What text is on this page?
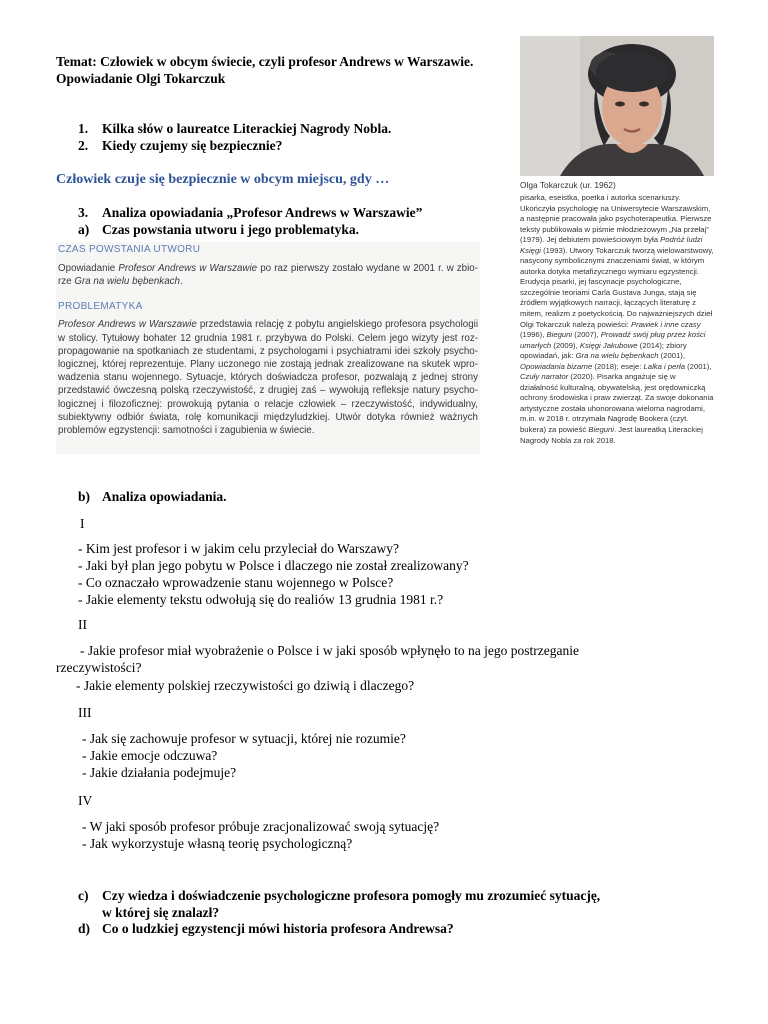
Temat: Człowiek w obcym świecie, czyli profesor Andrews w Warszawie.
Opowiadanie Olgi Tokarczuk
1. Kilka słów o laureatce Literackiej Nagrody Nobla.
2. Kiedy czujemy się bezpiecznie?
Człowiek czuje się bezpiecznie w obcym miejscu, gdy …
3. Analiza opowiadania „Profesor Andrews w Warszawie”
a) Czas powstania utworu i jego problematyka.
Olga Tokarczuk (ur. 1962)
pisarka, eseistka, poetka i autorka scenariuszy. Ukończyła psychologię na Uniwersytecie Warszawskim, a następnie pracowała jako psychoterapeutka. Pierwsze teksty publikowała w piśmie młodzieżowym „Na przełaj” (1979). Jej debiutem powieściowym była Podróż ludzi Księgi (1993). Utwory Tokarczuk tworzą wielowarstwowy, nasycony symbolicznymi znaczeniami świat, w którym autorka dotyka metafizycznego wymiaru egzystencji. Erudycja pisarki, jej fascynacje psychologiczne, szczególnie teoriami Carla Gustava Junga, stają się źródłem wyjątkowych narracji, łączących literaturę z mitem, realizm z poetyckością. Do najważniejszych dzieł Olgi Tokarczuk należą powieści: Prawiek i inne czasy (1996), Bieguni (2007), Prowadź swój pług przez kości umarłych (2009), Księgi Jakubowe (2014); zbiory opowiadań, jak: Gra na wielu bębenkach (2001), Opowiadania bizarne (2018); eseje: Lalka i perła (2001), Czuły narrator (2020). Pisarka angażuje się w działalność kulturalną, obywatelską, jest orędowniczką ochrony środowiska i praw zwierząt. Za swoje dokonania artystyczne została uhonorowana wieloma nagrodami, m.in. w 2018 r. otrzymała Nagrodę Bookera (czyt. bukera) za powieść Bieguni. Jest laureatką Literackiej Nagrody Nobla za rok 2018.
CZAS POWSTANIA UTWORU

Opowiadanie Profesor Andrews w Warszawie po raz pierwszy zostało wydane w 2001 r. w zbio-rze Gra na wielu bębenkach.

PROBLEMATYKA

Profesor Andrews w Warszawie przedstawia relację z pobytu angielskiego profesora psychologii w stolicy. Tytułowy bohater 12 grudnia 1981 r. przybywa do Polski. Celem jego wizyty jest roz-propagowanie na spotkaniach ze studentami, z psychologami i psychiatrami idei szkoły psycho-logicznej, której reprezentuje. Plany uczonego nie zostają jednak zrealizowane na skutek wpro-wadzenia stanu wojennego. Sytuacje, których doświadcza profesor, pozwalają z jednej strony przedstawić ówczesną polską rzeczywistość, z drugiej zaś – wywołują refleksje natury psycho-logicznej i filozoficznej: prowokują pytania o relacje człowiek – rzeczywistość, indywidualny, subiektywny odbiór świata, rolę komunikacji międzyludzkiej. Utwór dotyka również ważnych problemów egzystencji: samotności i zagubienia w świecie.

b) Analiza opowiadania.
I
- Kim jest profesor i w jakim celu przyleciał do Warszawy?
- Jaki był plan jego pobytu w Polsce i dlaczego nie został zrealizowany?
- Co oznaczało wprowadzenie stanu wojennego w Polsce?
- Jakie elementy tekstu odwołują się do realiów 13 grudnia 1981 r.?
II
- Jakie profesor miał wyobrażenie o Polsce i w jaki sposób wpłynęło to na jego postrzeganie
rzeczywistości?
- Jakie elementy polskiej rzeczywistości go dziwią i dlaczego?
III
- Jak się zachowuje profesor w sytuacji, której nie rozumie?
- Jakie emocje odczuwa?
- Jakie działania podejmuje?
IV
- W jaki sposób profesor próbuje zracjonalizować swoją sytuację?
- Jak wykorzystuje własną teorię psychologiczną?
c) Czy wiedza i doświadczenie psychologiczne profesora pomogły mu zrozumieć sytuację,
w której się znalazł?
d) Co o ludzkiej egzystencji mówi historia profesora Andrewsa?
